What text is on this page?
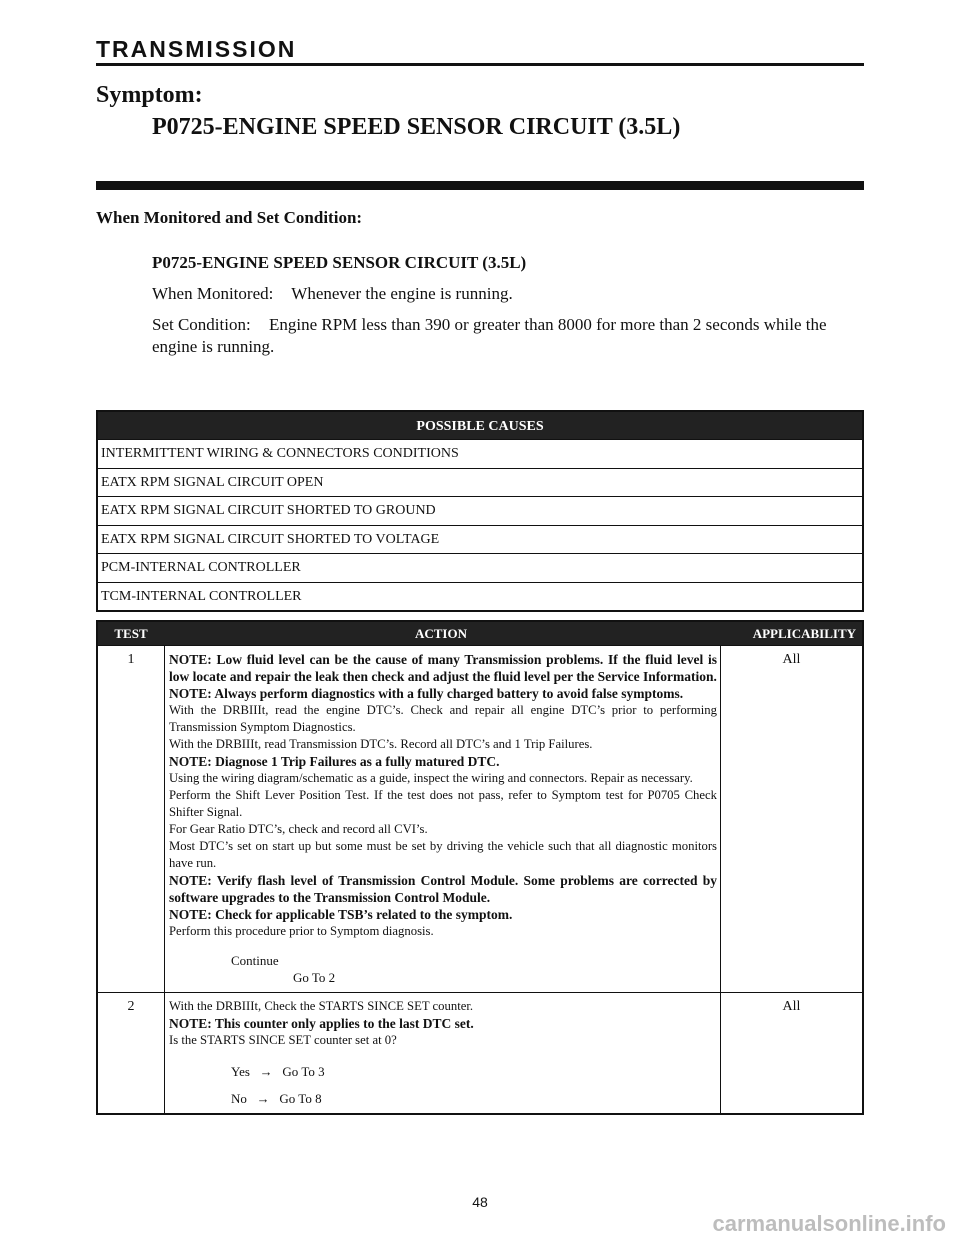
TRANSMISSION
Symptom:
P0725-ENGINE SPEED SENSOR CIRCUIT (3.5L)
When Monitored and Set Condition:
P0725-ENGINE SPEED SENSOR CIRCUIT (3.5L)
When Monitored: Whenever the engine is running.
Set Condition: Engine RPM less than 390 or greater than 8000 for more than 2 seconds while the engine is running.
POSSIBLE CAUSES
INTERMITTENT WIRING & CONNECTORS CONDITIONS
EATX RPM SIGNAL CIRCUIT OPEN
EATX RPM SIGNAL CIRCUIT SHORTED TO GROUND
EATX RPM SIGNAL CIRCUIT SHORTED TO VOLTAGE
PCM-INTERNAL CONTROLLER
TCM-INTERNAL CONTROLLER
TEST	ACTION	APPLICABILITY
1	NOTE: Low fluid level can be the cause of many Transmission problems. If the fluid level is low locate and repair the leak then check and adjust the fluid level per the Service Information.
NOTE: Always perform diagnostics with a fully charged battery to avoid false symptoms.
With the DRBIIIt, read the engine DTC’s. Check and repair all engine DTC’s prior to performing Transmission Symptom Diagnostics.
With the DRBIIIt, read Transmission DTC’s. Record all DTC’s and 1 Trip Failures.
NOTE: Diagnose 1 Trip Failures as a fully matured DTC.
Using the wiring diagram/schematic as a guide, inspect the wiring and connectors. Repair as necessary.
Perform the Shift Lever Position Test. If the test does not pass, refer to Symptom test for P0705 Check Shifter Signal.
For Gear Ratio DTC’s, check and record all CVI’s.
Most DTC’s set on start up but some must be set by driving the vehicle such that all diagnostic monitors have run.
NOTE: Verify flash level of Transmission Control Module. Some problems are corrected by software upgrades to the Transmission Control Module.
NOTE: Check for applicable TSB’s related to the symptom.
Perform this procedure prior to Symptom diagnosis.
Continue
Go To 2
All
2	With the DRBIIIt, Check the STARTS SINCE SET counter.
NOTE: This counter only applies to the last DTC set.
Is the STARTS SINCE SET counter set at 0?
Yes → Go To 3
No → Go To 8
All
48
carmanualsonline.info
